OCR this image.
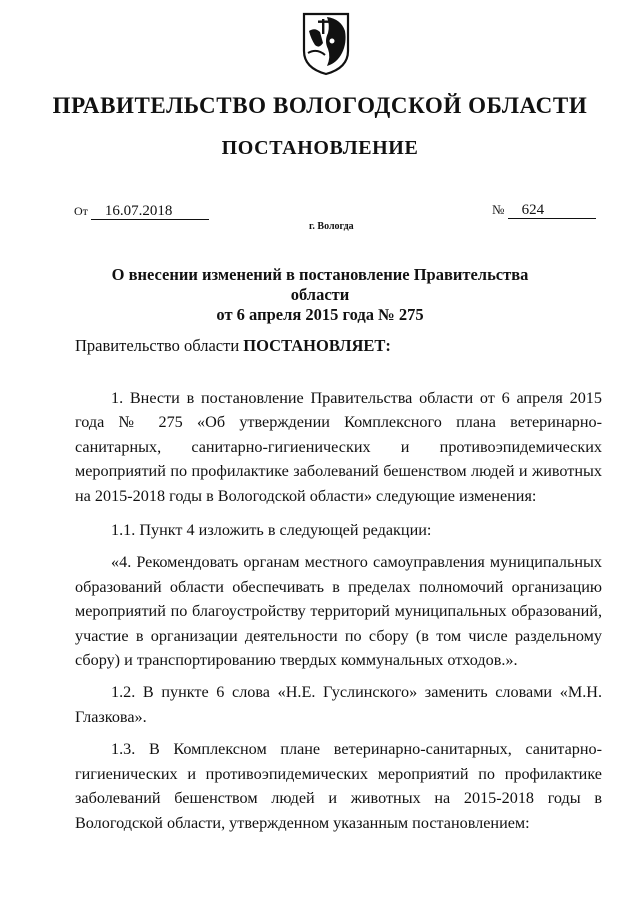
ПРАВИТЕЛЬСТВО ВОЛОГОДСКОЙ ОБЛАСТИ
ПОСТАНОВЛЕНИЕ
От 16.07.2018	№ 624
г. Вологда
О внесении изменений в постановление Правительства области
от 6 апреля 2015 года № 275

Правительство области ПОСТАНОВЛЯЕТ:

1. Внести в постановление Правительства области от 6 апреля 2015 года № 275 «Об утверждении Комплексного плана ветеринарно-санитарных, санитарно-гигиенических и противоэпидемических мероприятий по профилактике заболеваний бешенством людей и животных на 2015-2018 годы в Вологодской области» следующие изменения:

1.1. Пункт 4 изложить в следующей редакции:

«4. Рекомендовать органам местного самоуправления муниципальных образований области обеспечивать в пределах полномочий организацию мероприятий по благоустройству территорий муниципальных образований, участие в организации деятельности по сбору (в том числе раздельному сбору) и транспортированию твердых коммунальных отходов.».

1.2. В пункте 6 слова «Н.Е. Гуслинского» заменить словами «М.Н. Глазкова».

1.3. В Комплексном плане ветеринарно-санитарных, санитарно-гигиенических и противоэпидемических мероприятий по профилактике заболеваний бешенством людей и животных на 2015-2018 годы в Вологодской области, утвержденном указанным постановлением:
